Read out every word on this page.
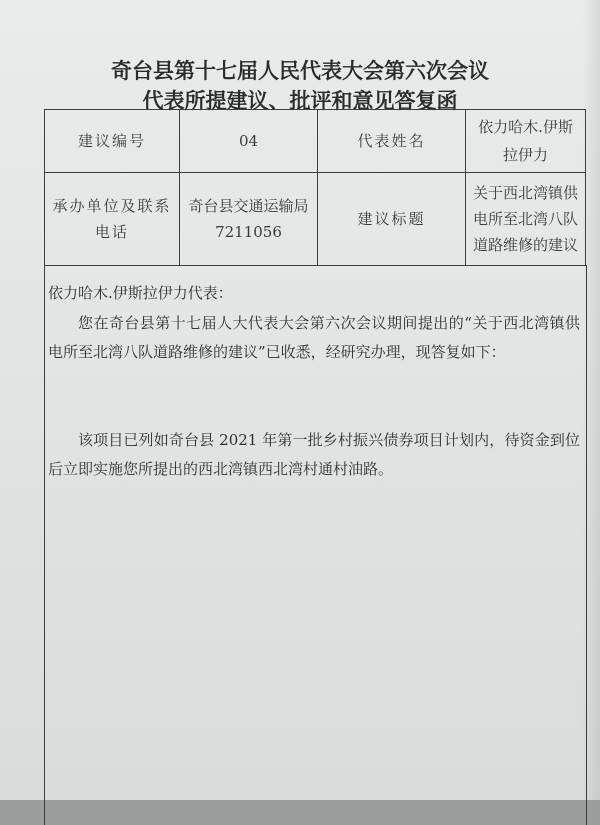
奇台县第十七届人民代表大会第六次会议
代表所提建议、批评和意见答复函
建议编号	04	代表姓名	依力哈木.伊斯拉伊力
承办单位及联系电话	奇台县交通运输局 7211056	建议标题	关于西北湾镇供电所至北湾八队道路维修的建议
依力哈木.伊斯拉伊力代表：
您在奇台县第十七届人大代表大会第六次会议期间提出的“关于西北湾镇供电所至北湾八队道路维修的建议”已收悉，经研究办理，现答复如下：
该项目已列如奇台县 2021 年第一批乡村振兴债券项目计划内，待资金到位后立即实施您所提出的西北湾镇西北湾村通村油路。
